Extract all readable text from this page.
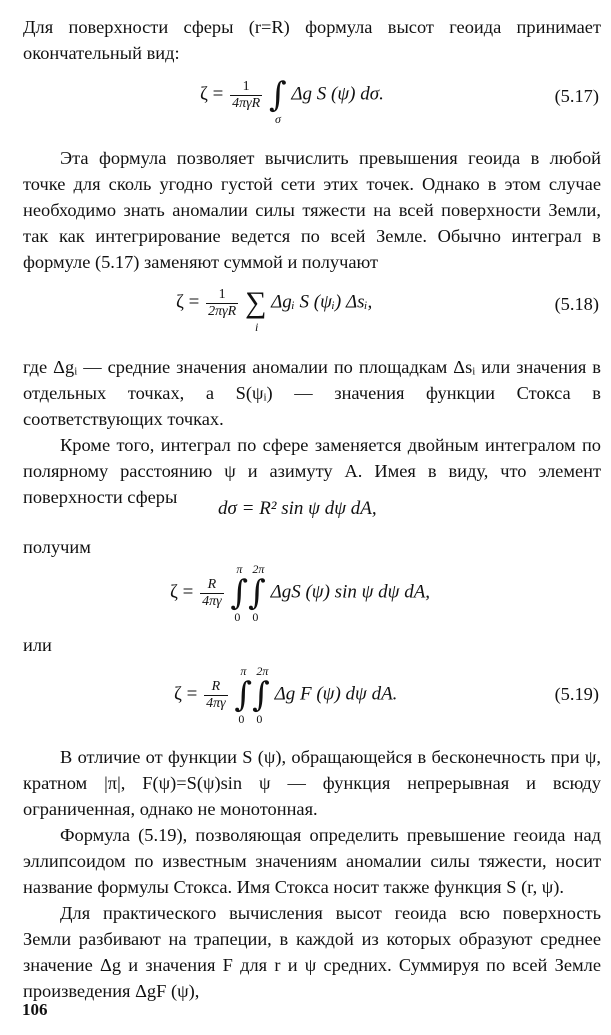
Для поверхности сферы (r=R) формула высот геоида принимает окончательный вид:

$\zeta = \frac{1}{\text{4πγR}}$ ∫
σ
Δg S (ψ) dσ.	(5.17)

Эта формула позволяет вычислить превышения геоида в любой точке для сколь угодно густой сети этих точек. Однако в этом случае необходимо знать аномалии силы тяжести на всей поверхности Земли, так как интегрирование ведется по всей Земле. Обычно интеграл в формуле (5.17) заменяют суммой и получают

$\zeta = \frac{1}{\text{2πγR}}$ ∑
i
Δgᵢ S (ψᵢ) Δsᵢ,	(5.18)

где Δgᵢ — средние значения аномалии по площадкам Δsᵢ или значения в отдельных точках, а S(ψᵢ) — значения функции Стокса в соответствующих точках.

Кроме того, интеграл по сфере заменяется двойным интегралом по полярному расстоянию ψ и азимуту A. Имея в виду, что элемент поверхности сферы

dσ = R² sin ψ dψ dA,

получим

$\zeta = \frac{R}{4\pi\gamma}$ ∫∫
π 2π
0 0
ΔgS (ψ) sin ψ dψ dA,

или

$\zeta = \frac{R}{4\pi\gamma}$ ∫∫
π 2π
0 0
Δg F (ψ) dψ dA.	(5.19)

В отличие от функции S (ψ), обращающейся в бесконечность при ψ, кратном |π|, F(ψ)=S(ψ)sin ψ — функция непрерывная и всюду ограниченная, однако не монотонная.

Формула (5.19), позволяющая определить превышение геоида над эллипсоидом по известным значениям аномалии силы тяжести, носит название формулы Стокса. Имя Стокса носит также функция S (r, ψ).

Для практического вычисления высот геоида всю поверхность Земли разбивают на трапеции, в каждой из которых образуют среднее значение Δg и значения F для r и ψ средних. Суммируя по всей Земле произведения ΔgF (ψ),

106
